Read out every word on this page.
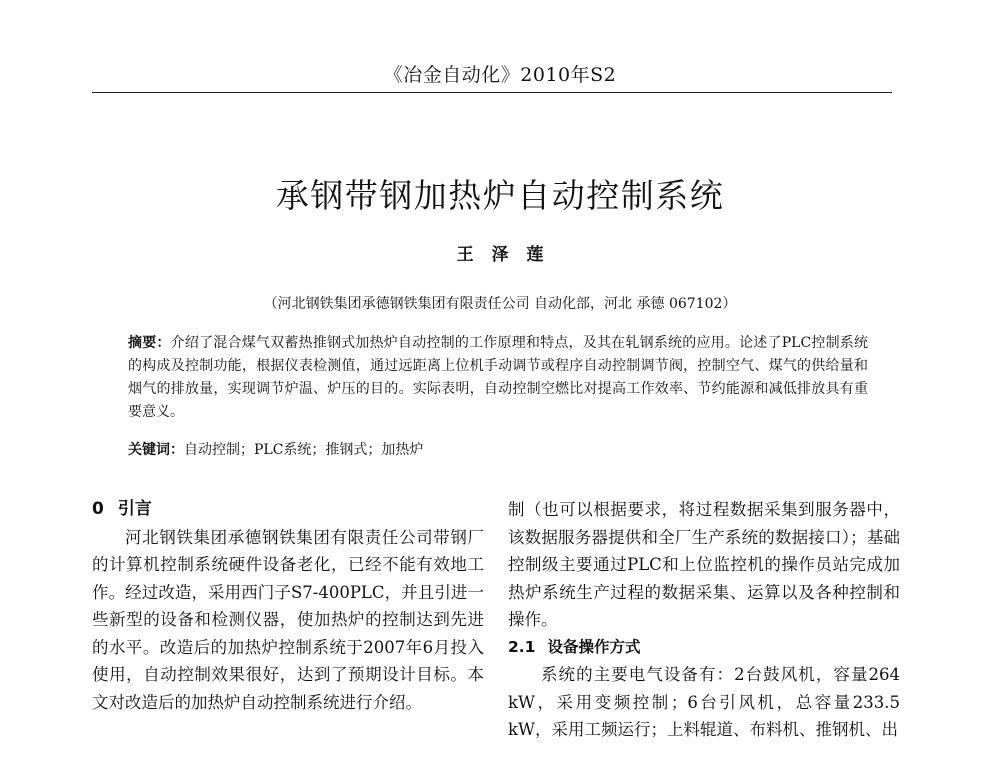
《冶金自动化》2010年S2
承钢带钢加热炉自动控制系统
王 泽 莲
（河北钢铁集团承德钢铁集团有限责任公司 自动化部，河北 承德 067102）
摘要：介绍了混合煤气双蓄热推钢式加热炉自动控制的工作原理和特点，及其在轧钢系统的应用。论述了PLC控制系统的构成及控制功能，根据仪表检测值，通过远距离上位机手动调节或程序自动控制调节阀，控制空气、煤气的供给量和烟气的排放量，实现调节炉温、炉压的目的。实际表明，自动控制空燃比对提高工作效率、节约能源和减低排放具有重要意义。
关键词：自动控制；PLC系统；推钢式；加热炉
0 引言

河北钢铁集团承德钢铁集团有限责任公司带钢厂的计算机控制系统硬件设备老化，已经不能有效地工作。经过改造，采用西门子S7-400PLC，并且引进一些新型的设备和检测仪器，使加热炉的控制达到先进的水平。改造后的加热炉控制系统于2007年6月投入使用，自动控制效果很好，达到了预期设计目标。本文对改造后的加热炉自动控制系统进行介绍。

制（也可以根据要求，将过程数据采集到服务器中，该数据服务器提供和全厂生产系统的数据接口）；基础控制级主要通过PLC和上位监控机的操作员站完成加热炉系统生产过程的数据采集、运算以及各种控制和操作。

2.1 设备操作方式

系统的主要电气设备有：2台鼓风机，容量264 kW，采用变频控制；6台引风机，总容量233.5 kW，采用工频运行；上料辊道、布料机、推钢机、出
